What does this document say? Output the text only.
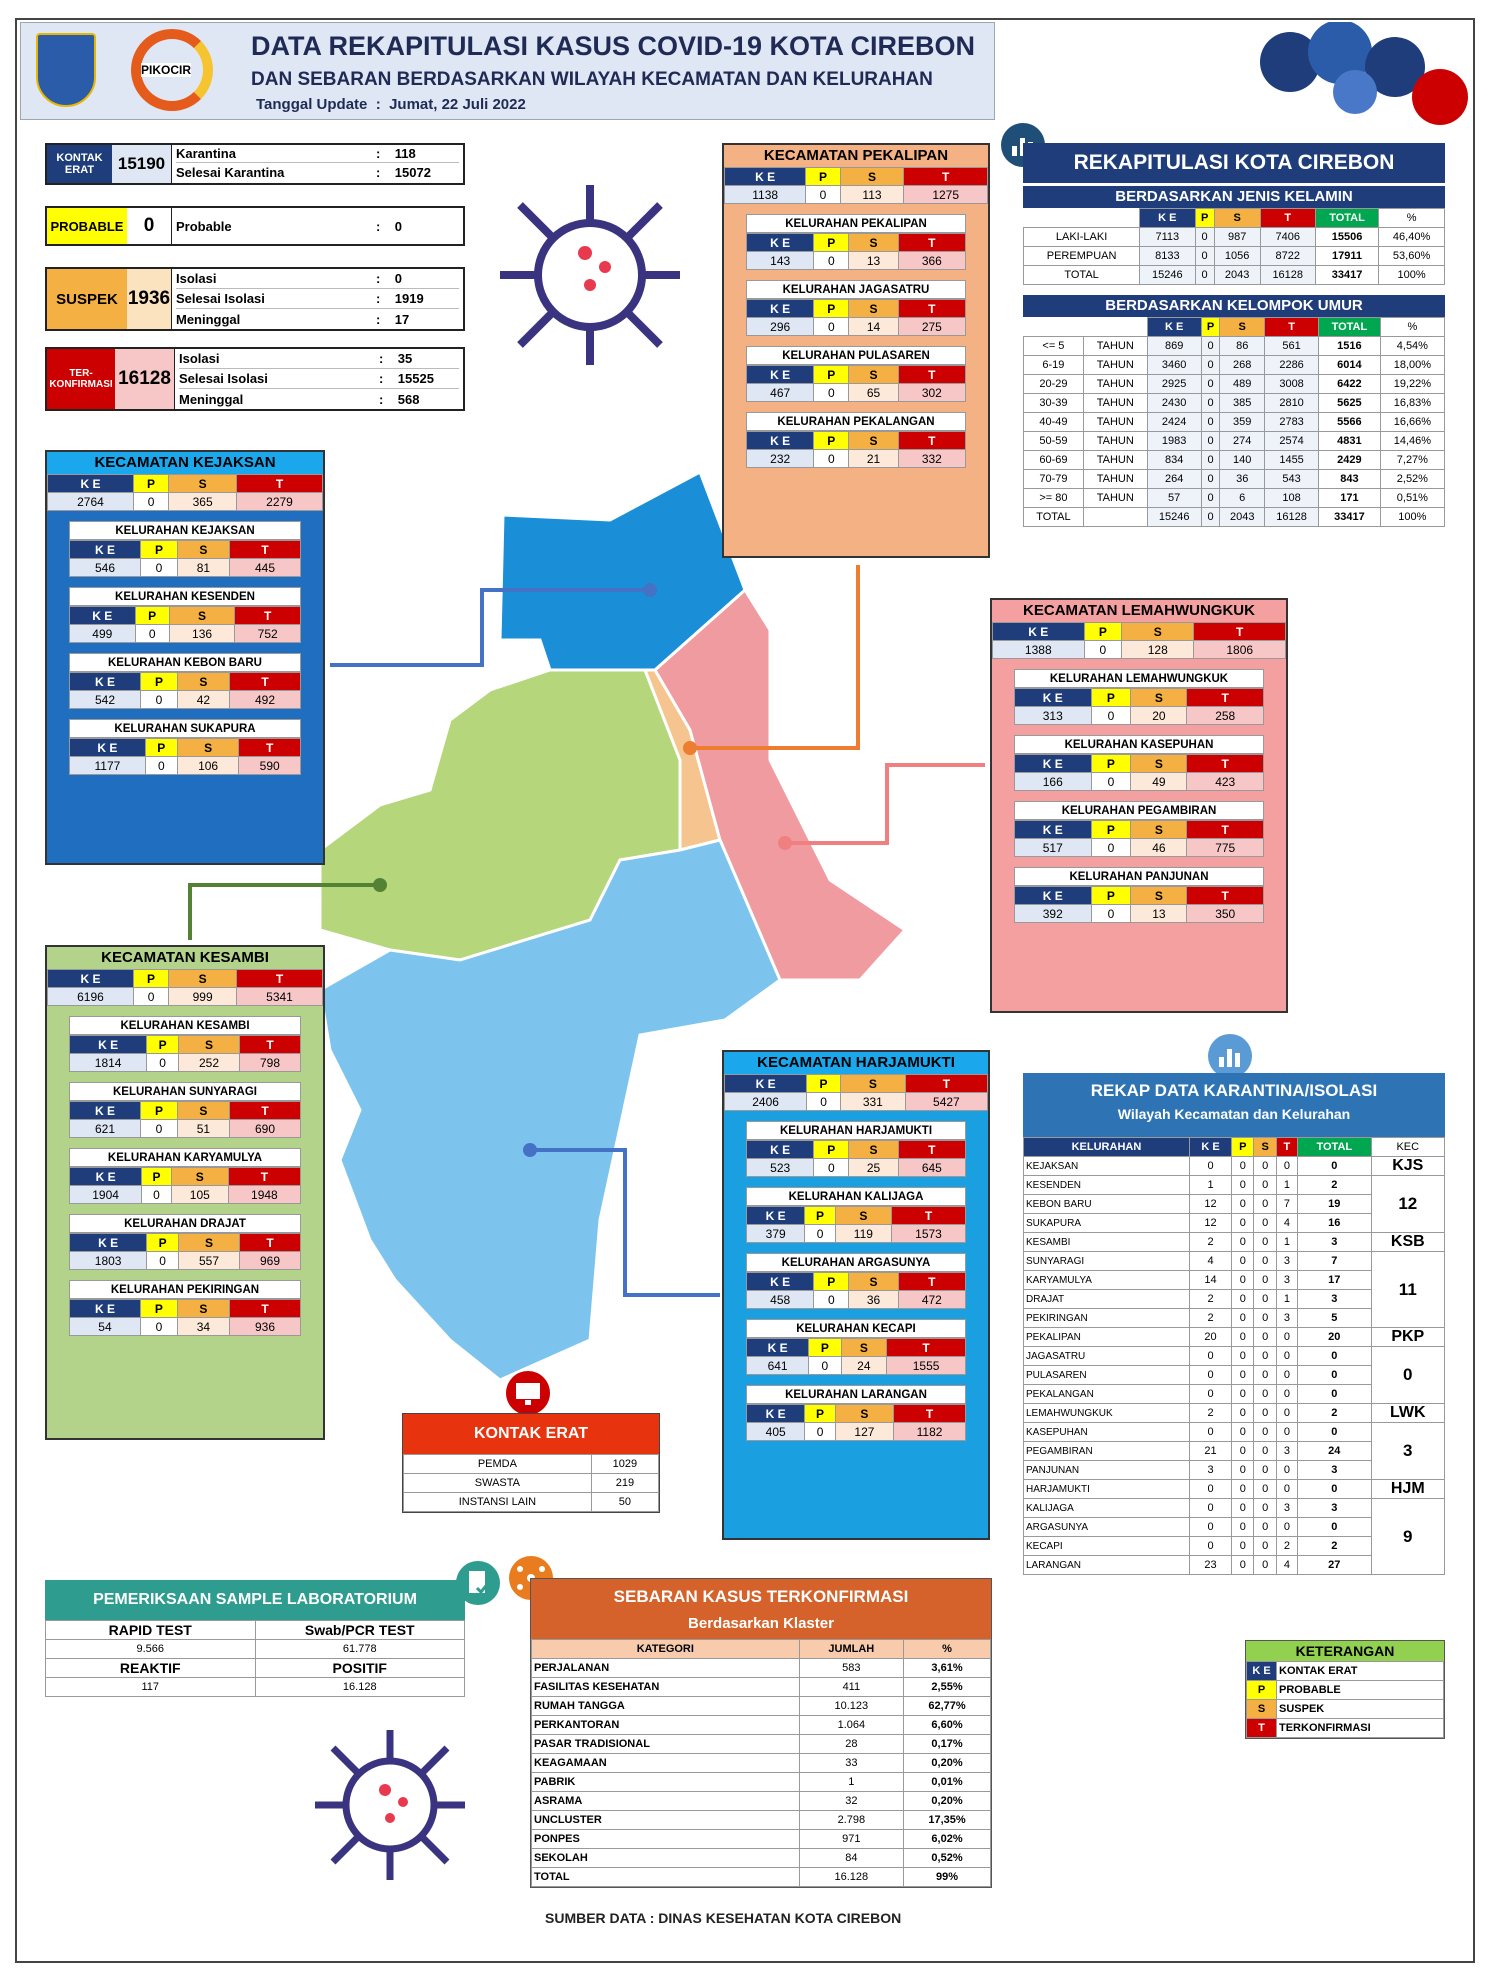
PIKOCIR
DATA REKAPITULASI KASUS COVID-19 KOTA CIREBON
DAN SEBARAN BERDASARKAN WILAYAH KECAMATAN DAN KELURAHAN
Tanggal Update  :  Jumat, 22 Juli 2022
KONTAK ERAT	15190
Karantina	: 118
Selesai Karantina	: 15072
PROBABLE	0	Probable	: 0
SUSPEK 1936
Isolasi	: 0
Selesai Isolasi	: 1919
Meninggal	: 17
TER-KONFIRMASI 16128
Isolasi	: 35
Selesai Isolasi	: 15525
Meninggal	: 568
KECAMATAN PEKALIPAN
K E	P	S	T
1138	0	113	1275
KELURAHAN PEKALIPAN
K E	P	S	T
143	0	13	366
KELURAHAN JAGASATRU
K E	P	S	T
296	0	14	275
KELURAHAN PULASAREN
K E	P	S	T
467	0	65	302
KELURAHAN PEKALANGAN
K E	P	S	T
232	0	21	332
KECAMATAN KEJAKSAN
K E	P	S	T
2764	0	365	2279
KELURAHAN KEJAKSAN
K E	P	S	T
546	0	81	445
KELURAHAN KESENDEN
K E	P	S	T
499	0	136	752
KELURAHAN KEBON BARU
K E	P	S	T
542	0	42	492
KELURAHAN SUKAPURA
K E	P	S	T
1177	0	106	590
KECAMATAN LEMAHWUNGKUK
K E	P	S	T
1388	0	128	1806
KELURAHAN LEMAHWUNGKUK
K E	P	S	T
313	0	20	258
KELURAHAN KASEPUHAN
K E	P	S	T
166	0	49	423
KELURAHAN PEGAMBIRAN
K E	P	S	T
517	0	46	775
KELURAHAN PANJUNAN
K E	P	S	T
392	0	13	350
KECAMATAN KESAMBI
K E	P	S	T
6196	0	999	5341
KELURAHAN KESAMBI
K E	P	S	T
1814	0	252	798
KELURAHAN SUNYARAGI
K E	P	S	T
621	0	51	690
KELURAHAN KARYAMULYA
K E	P	S	T
1904	0	105	1948
KELURAHAN DRAJAT
K E	P	S	T
1803	0	557	969
KELURAHAN PEKIRINGAN
K E	P	S	T
54	0	34	936
KECAMATAN HARJAMUKTI
K E	P	S	T
2406	0	331	5427
KELURAHAN HARJAMUKTI
K E	P	S	T
523	0	25	645
KELURAHAN KALIJAGA
K E	P	S	T
379	0	119	1573
KELURAHAN ARGASUNYA
K E	P	S	T
458	0	36	472
KELURAHAN KECAPI
K E	P	S	T
641	0	24	1555
KELURAHAN LARANGAN
K E	P	S	T
405	0	127	1182
REKAPITULASI KOTA CIREBON
BERDASARKAN JENIS KELAMIN
	K E	P	S	T	TOTAL	%
LAKI-LAKI	7113	0	987	7406	15506	46,40%
PEREMPUAN	8133	0	1056	8722	17911	53,60%
TOTAL	15246	0	2043	16128	33417	100%
BERDASARKAN KELOMPOK UMUR
		K E	P	S	T	TOTAL	%
<= 5	TAHUN	869	0	86	561	1516	4,54%
6-19	TAHUN	3460	0	268	2286	6014	18,00%
20-29	TAHUN	2925	0	489	3008	6422	19,22%
30-39	TAHUN	2430	0	385	2810	5625	16,83%
40-49	TAHUN	2424	0	359	2783	5566	16,66%
50-59	TAHUN	1983	0	274	2574	4831	14,46%
60-69	TAHUN	834	0	140	1455	2429	7,27%
70-79	TAHUN	264	0	36	543	843	2,52%
>= 80	TAHUN	57	0	6	108	171	0,51%
TOTAL		15246	0	2043	16128	33417	100%
REKAP DATA KARANTINA/ISOLASI
Wilayah Kecamatan dan Kelurahan
KELURAHAN	K E	P	S	T	TOTAL	KEC
KEJAKSAN	0	0	0	0	0	KJS
KESENDEN	1	0	0	1	2	12
KEBON BARU	12	0	0	7	19	
SUKAPURA	12	0	0	4	16	
KESAMBI	2	0	0	1	3	KSB
SUNYARAGI	4	0	0	3	7	11
KARYAMULYA	14	0	0	3	17	
DRAJAT	2	0	0	1	3	
PEKIRINGAN	2	0	0	3	5	
PEKALIPAN	20	0	0	0	20	PKP
JAGASATRU	0	0	0	0	0	0
PULASAREN	0	0	0	0	0	
PEKALANGAN	0	0	0	0	0	
LEMAHWUNGKUK	2	0	0	0	2	LWK
KASEPUHAN	0	0	0	0	0	3
PEGAMBIRAN	21	0	0	3	24	
PANJUNAN	3	0	0	0	3	
HARJAMUKTI	0	0	0	0	0	HJM
KALIJAGA	0	0	0	3	3	9
ARGASUNYA	0	0	0	0	0	
KECAPI	0	0	0	2	2	
LARANGAN	23	0	0	4	27	
KONTAK ERAT
PEMDA	1029
SWASTA	219
INSTANSI LAIN	50
PEMERIKSAAN SAMPLE LABORATORIUM
RAPID TEST	Swab/PCR TEST
9.566	61.778
REAKTIF	POSITIF
117	16.128
SEBARAN KASUS TERKONFIRMASI
Berdasarkan Klaster
KATEGORI	JUMLAH	%
PERJALANAN	583	3,61%
FASILITAS KESEHATAN	411	2,55%
RUMAH TANGGA	10.123	62,77%
PERKANTORAN	1.064	6,60%
PASAR TRADISIONAL	28	0,17%
KEAGAMAAN	33	0,20%
PABRIK	1	0,01%
ASRAMA	32	0,20%
UNCLUSTER	2.798	17,35%
PONPES	971	6,02%
SEKOLAH	84	0,52%
TOTAL	16.128	99%
KETERANGAN
K E	KONTAK ERAT
P	PROBABLE
S	SUSPEK
T	TERKONFIRMASI
SUMBER DATA : DINAS KESEHATAN KOTA CIREBON
